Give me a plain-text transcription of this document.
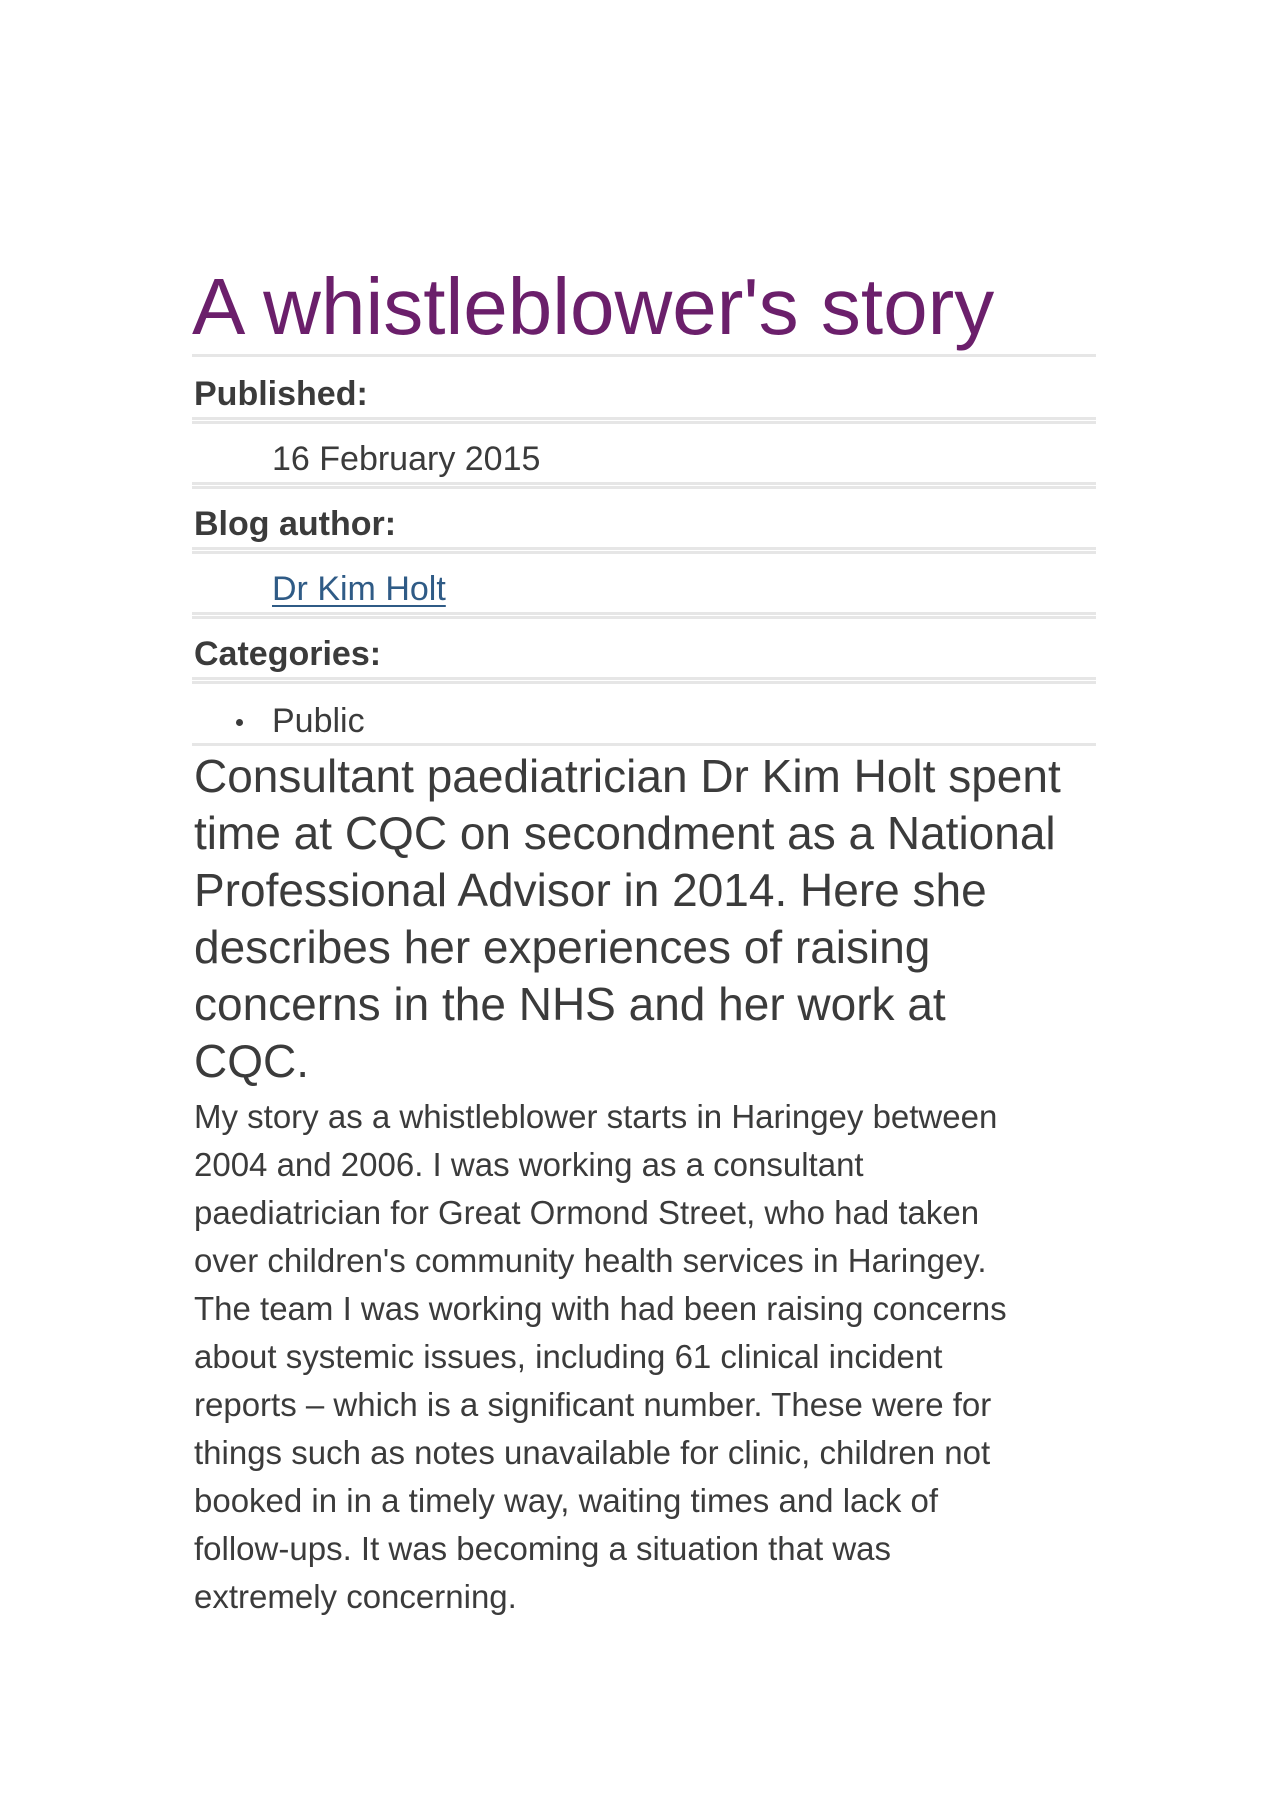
A whistleblower's story

Published:

16 February 2015

Blog author:

Dr Kim Holt

Categories:

Public
Consultant paediatrician Dr Kim Holt spent
time at CQC on secondment as a National
Professional Advisor in 2014. Here she
describes her experiences of raising
concerns in the NHS and her work at
CQC.
My story as a whistleblower starts in Haringey between
2004 and 2006. I was working as a consultant
paediatrician for Great Ormond Street, who had taken
over children's community health services in Haringey.
The team I was working with had been raising concerns
about systemic issues, including 61 clinical incident
reports – which is a significant number. These were for
things such as notes unavailable for clinic, children not
booked in in a timely way, waiting times and lack of
follow-ups. It was becoming a situation that was
extremely concerning.
